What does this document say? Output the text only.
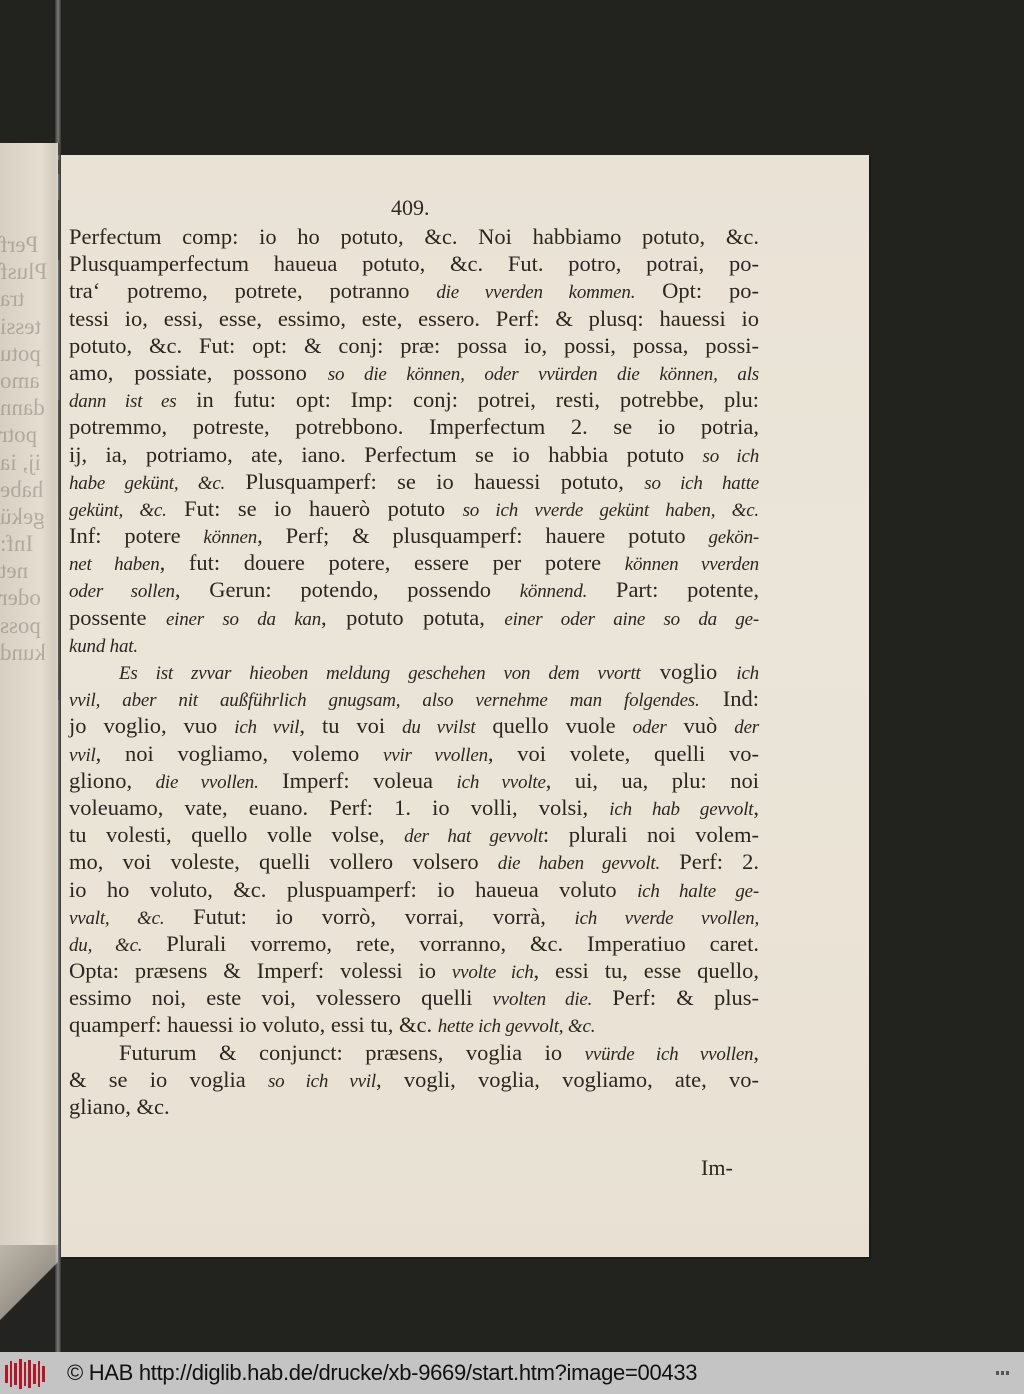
Perf
Plusf
tra
tessi
potu
amo
dann
potr
ij, ia
habe
gekü
Inf:
net
oder
poss
kund
409.
Perfectum comp: io ho potuto, &c. Noi habbiamo potuto, &c.
Plusquamperfectum haueua potuto, &c. Fut. potro, potrai, po-
tra‘ potremo, potrete, potranno die vverden kommen. Opt: po-
tessi io, essi, esse, essimo, este, essero. Perf: & plusq: hauessi io
potuto, &c. Fut: opt: & conj: præ: possa io, possi, possa, possi-
amo, possiate, possono so die können, oder vvürden die können, als
dann ist es in futu: opt: Imp: conj: potrei, resti, potrebbe, plu:
potremmo, potreste, potrebbono. Imperfectum 2. se io potria,
ij, ia, potriamo, ate, iano. Perfectum se io habbia potuto so ich
habe gekünt, &c. Plusquamperf: se io hauessi potuto, so ich hatte
gekünt, &c. Fut: se io hauerò potuto so ich vverde gekünt haben, &c.
Inf: potere können, Perf; & plusquamperf: hauere potuto gekön-
net haben, fut: douere potere, essere per potere können vverden
oder sollen, Gerun: potendo, possendo könnend. Part: potente,
possente einer so da kan, potuto potuta, einer oder aine so da ge-
kund hat.
Es ist zvvar hieoben meldung geschehen von dem vvortt voglio ich
vvil, aber nit außführlich gnugsam, also vernehme man folgendes. Ind:
jo voglio, vuo ich vvil, tu voi du vvilst quello vuole oder vuò der
vvil, noi vogliamo, volemo vvir vvollen, voi volete, quelli vo-
gliono, die vvollen. Imperf: voleua ich vvolte, ui, ua, plu: noi
voleuamo, vate, euano. Perf: 1. io volli, volsi, ich hab gevvolt,
tu volesti, quello volle volse, der hat gevvolt: plurali noi volem-
mo, voi voleste, quelli vollero volsero die haben gevvolt. Perf: 2.
io ho voluto, &c. pluspuamperf: io haueua voluto ich halte ge-
vvalt, &c. Futut: io vorrò, vorrai, vorrà, ich vverde vvollen,
du, &c. Plurali vorremo, rete, vorranno, &c. Imperatiuo caret.
Opta: præsens & Imperf: volessi io vvolte ich, essi tu, esse quello,
essimo noi, este voi, volessero quelli vvolten die. Perf: & plus-
quamperf: hauessi io voluto, essi tu, &c. hette ich gevvolt, &c.
Futurum & conjunct: præsens, voglia io vvürde ich vvollen,
& se io voglia so ich vvil, vogli, voglia, vogliamo, ate, vo-
gliano, &c.
Im-
© HAB http://diglib.hab.de/drucke/xb-9669/start.htm?image=00433
